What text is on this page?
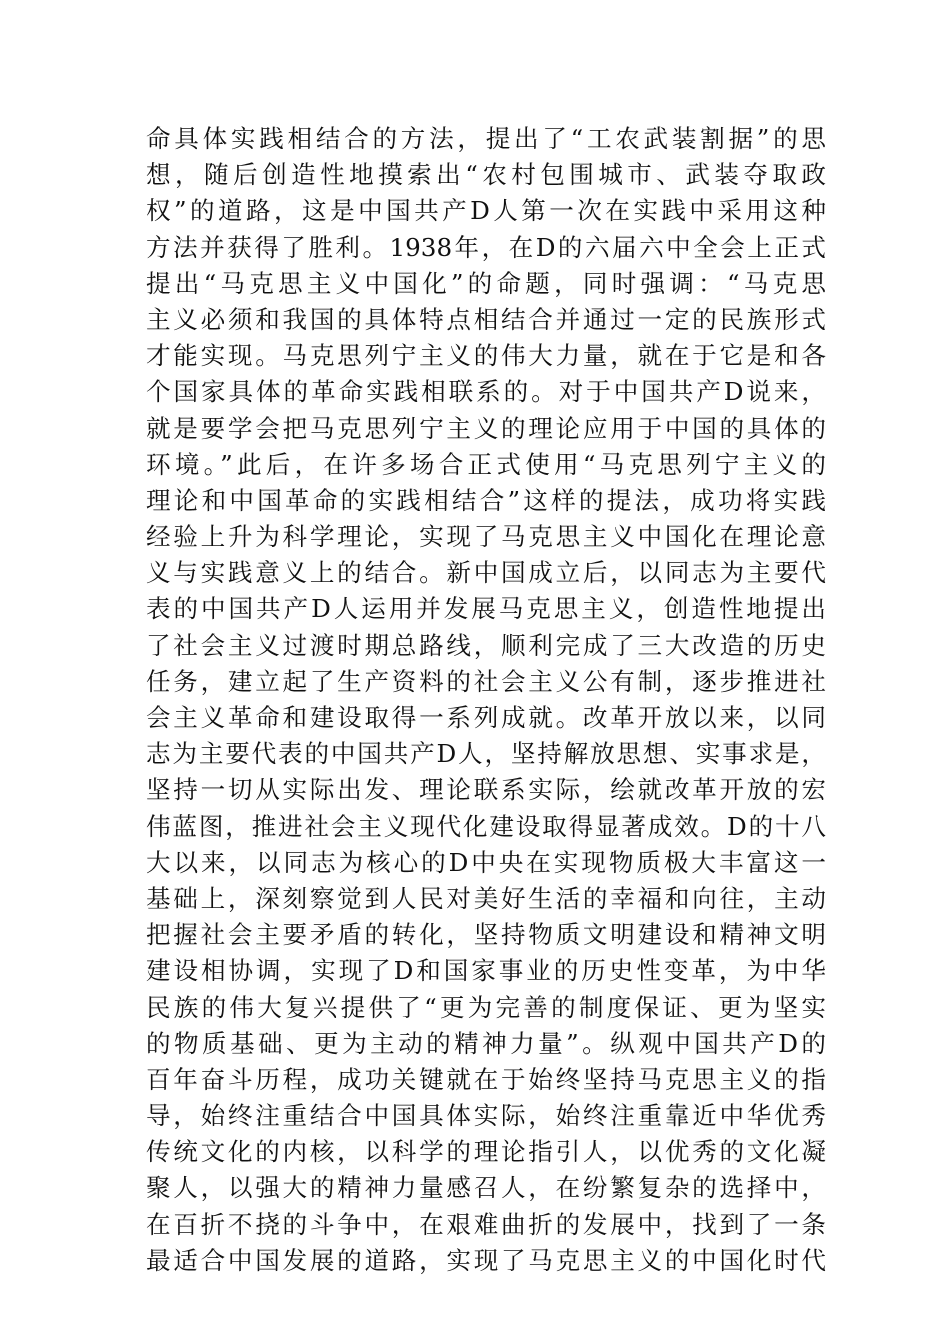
命具体实践相结合的方法，提出了“工农武装割据”的思
想，随后创造性地摸索出“农村包围城市、武装夺取政
权”的道路，这是中国共产D人第一次在实践中采用这种
方法并获得了胜利。1938年，在D的六届六中全会上正式
提出“马克思主义中国化”的命题，同时强调：“马克思
主义必须和我国的具体特点相结合并通过一定的民族形式
才能实现。马克思列宁主义的伟大力量，就在于它是和各
个国家具体的革命实践相联系的。对于中国共产D说来，
就是要学会把马克思列宁主义的理论应用于中国的具体的
环境。”此后，在许多场合正式使用“马克思列宁主义的
理论和中国革命的实践相结合”这样的提法，成功将实践
经验上升为科学理论，实现了马克思主义中国化在理论意
义与实践意义上的结合。新中国成立后，以同志为主要代
表的中国共产D人运用并发展马克思主义，创造性地提出
了社会主义过渡时期总路线，顺利完成了三大改造的历史
任务，建立起了生产资料的社会主义公有制，逐步推进社
会主义革命和建设取得一系列成就。改革开放以来，以同
志为主要代表的中国共产D人，坚持解放思想、实事求是，
坚持一切从实际出发、理论联系实际，绘就改革开放的宏
伟蓝图，推进社会主义现代化建设取得显著成效。D的十八
大以来，以同志为核心的D中央在实现物质极大丰富这一
基础上，深刻察觉到人民对美好生活的幸福和向往，主动
把握社会主要矛盾的转化，坚持物质文明建设和精神文明
建设相协调，实现了D和国家事业的历史性变革，为中华
民族的伟大复兴提供了“更为完善的制度保证、更为坚实
的物质基础、更为主动的精神力量”。纵观中国共产D的
百年奋斗历程，成功关键就在于始终坚持马克思主义的指
导，始终注重结合中国具体实际，始终注重靠近中华优秀
传统文化的内核，以科学的理论指引人，以优秀的文化凝
聚人，以强大的精神力量感召人，在纷繁复杂的选择中，
在百折不挠的斗争中，在艰难曲折的发展中，找到了一条
最适合中国发展的道路，实现了马克思主义的中国化时代
